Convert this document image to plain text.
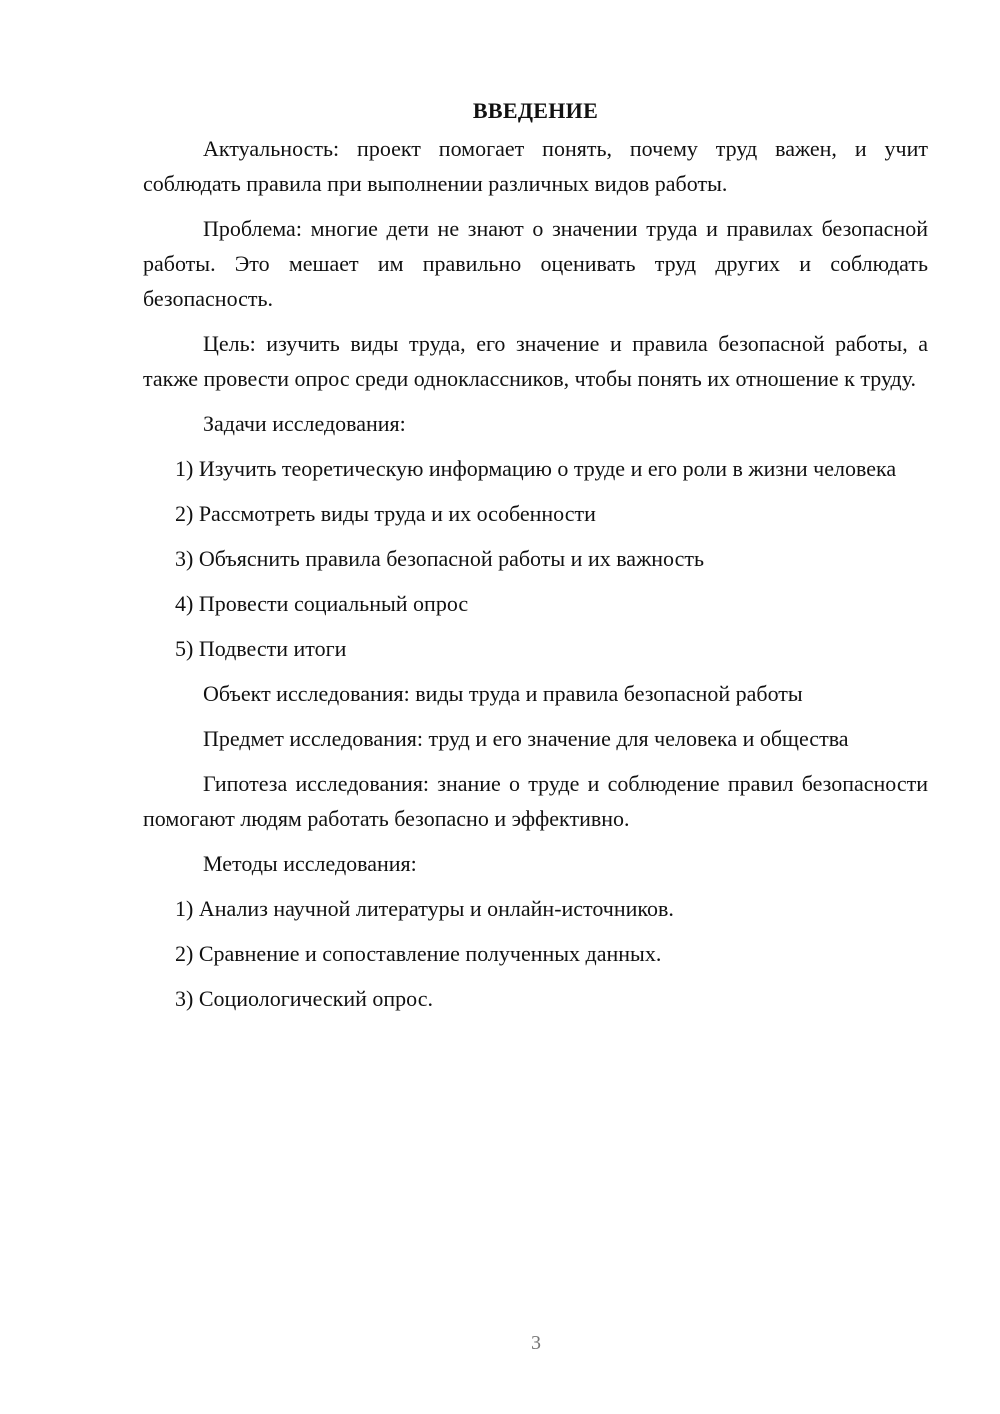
ВВЕДЕНИЕ

Актуальность: проект помогает понять, почему труд важен, и учит соблюдать правила при выполнении различных видов работы.

Проблема: многие дети не знают о значении труда и правилах безопасной работы. Это мешает им правильно оценивать труд других и соблюдать безопасность.

Цель: изучить виды труда, его значение и правила безопасной работы, а также провести опрос среди одноклассников, чтобы понять их отношение к труду.

Задачи исследования:

1) Изучить теоретическую информацию о труде и его роли в жизни человека

2) Рассмотреть виды труда и их особенности

3) Объяснить правила безопасной работы и их важность

4) Провести социальный опрос

5) Подвести итоги

Объект исследования: виды труда и правила безопасной работы

Предмет исследования: труд и его значение для человека и общества

Гипотеза исследования: знание о труде и соблюдение правил безопасности помогают людям работать безопасно и эффективно.

Методы исследования:

1) Анализ научной литературы и онлайн-источников.

2) Сравнение и сопоставление полученных данных.

3) Социологический опрос.

3
